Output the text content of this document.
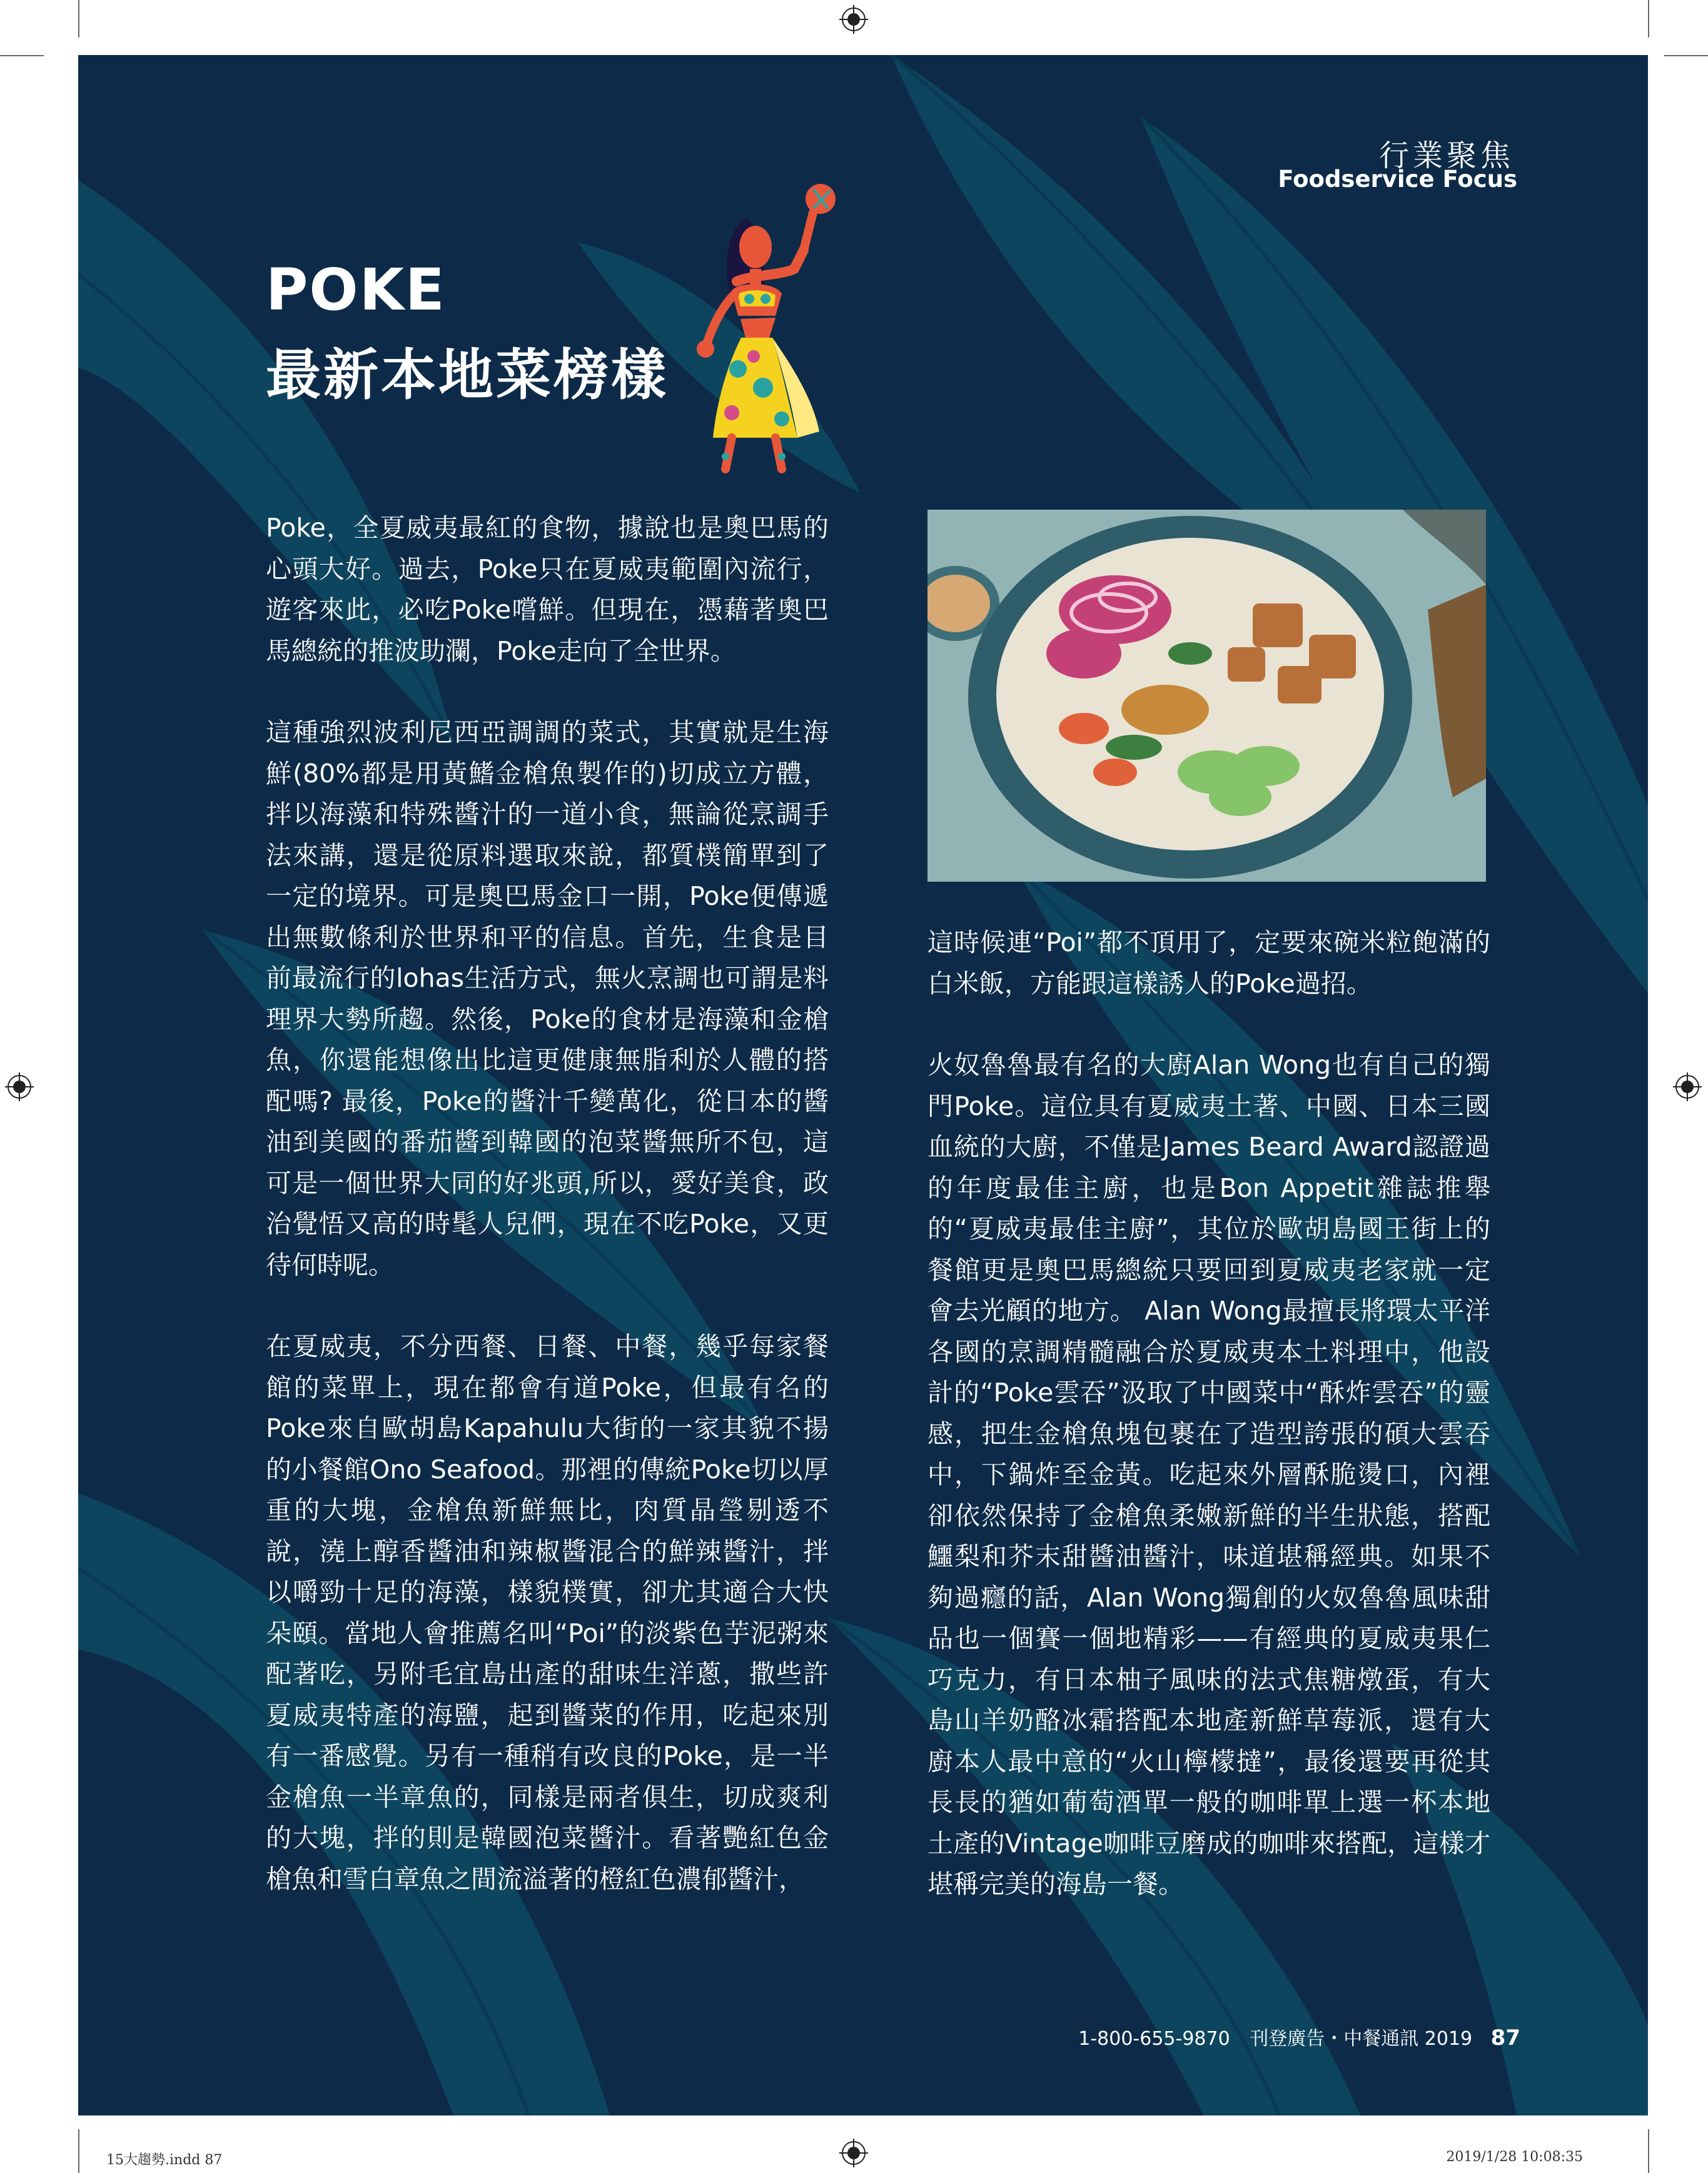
行業聚焦
Foodservice Focus
POKE
最新本地菜榜樣

Poke，全夏威夷最紅的食物，據說也是奧巴馬的心頭大好。過去，Poke只在夏威夷範圍內流行，遊客來此，必吃Poke嚐鮮。但現在，憑藉著奧巴馬總統的推波助瀾，Poke走向了全世界。

這種強烈波利尼西亞調調的菜式，其實就是生海鮮(80%都是用黃鰭金槍魚製作的)切成立方體，拌以海藻和特殊醬汁的一道小食，無論從烹調手法來講，還是從原料選取來說，都質樸簡單到了一定的境界。可是奧巴馬金口一開，Poke便傳遞出無數條利於世界和平的信息。首先，生食是目前最流行的lohas生活方式，無火烹調也可謂是料理界大勢所趨。然後，Poke的食材是海藻和金槍魚，你還能想像出比這更健康無脂利於人體的搭配嗎? 最後，Poke的醬汁千變萬化，從日本的醬油到美國的番茄醬到韓國的泡菜醬無所不包，這可是一個世界大同的好兆頭,所以，愛好美食，政治覺悟又高的時髦人兒們，現在不吃Poke，又更待何時呢。

在夏威夷，不分西餐、日餐、中餐，幾乎每家餐館的菜單上，現在都會有道Poke，但最有名的Poke來自歐胡島Kapahulu大街的一家其貌不揚的小餐館Ono Seafood。那裡的傳統Poke切以厚重的大塊，金槍魚新鮮無比，肉質晶瑩剔透不說，澆上醇香醬油和辣椒醬混合的鮮辣醬汁，拌以嚼勁十足的海藻，樣貌樸實，卻尤其適合大快朵頤。當地人會推薦名叫“Poi”的淡紫色芋泥粥來配著吃，另附毛宜島出產的甜味生洋蔥，撒些許夏威夷特產的海鹽，起到醬菜的作用，吃起來別有一番感覺。另有一種稍有改良的Poke，是一半金槍魚一半章魚的，同樣是兩者俱生，切成爽利的大塊，拌的則是韓國泡菜醬汁。看著艷紅色金槍魚和雪白章魚之間流溢著的橙紅色濃郁醬汁，

這時候連“Poi”都不頂用了，定要來碗米粒飽滿的白米飯，方能跟這樣誘人的Poke過招。

火奴魯魯最有名的大廚Alan Wong也有自己的獨門Poke。這位具有夏威夷土著、中國、日本三國血統的大廚，不僅是James Beard Award認證過的年度最佳主廚，也是Bon Appetit雜誌推舉的“夏威夷最佳主廚”，其位於歐胡島國王街上的餐館更是奧巴馬總統只要回到夏威夷老家就一定會去光顧的地方。 Alan Wong最擅長將環太平洋各國的烹調精髓融合於夏威夷本土料理中，他設計的“Poke雲吞”汲取了中國菜中“酥炸雲吞”的靈感，把生金槍魚塊包裹在了造型誇張的碩大雲吞中，下鍋炸至金黃。吃起來外層酥脆燙口，內裡卻依然保持了金槍魚柔嫩新鮮的半生狀態，搭配鱷梨和芥末甜醬油醬汁，味道堪稱經典。如果不夠過癮的話，Alan Wong獨創的火奴魯魯風味甜品也一個賽一個地精彩——有經典的夏威夷果仁巧克力，有日本柚子風味的法式焦糖燉蛋，有大島山羊奶酪冰霜搭配本地產新鮮草莓派，還有大廚本人最中意的“火山檸檬撻”，最後還要再從其長長的猶如葡萄酒單一般的咖啡單上選一杯本地土產的Vintage咖啡豆磨成的咖啡來搭配，這樣才堪稱完美的海島一餐。

1-800-655-9870 刊登廣告・中餐通訊 2019 87
15大趨勢.indd 87	2019/1/28 10:08:35
